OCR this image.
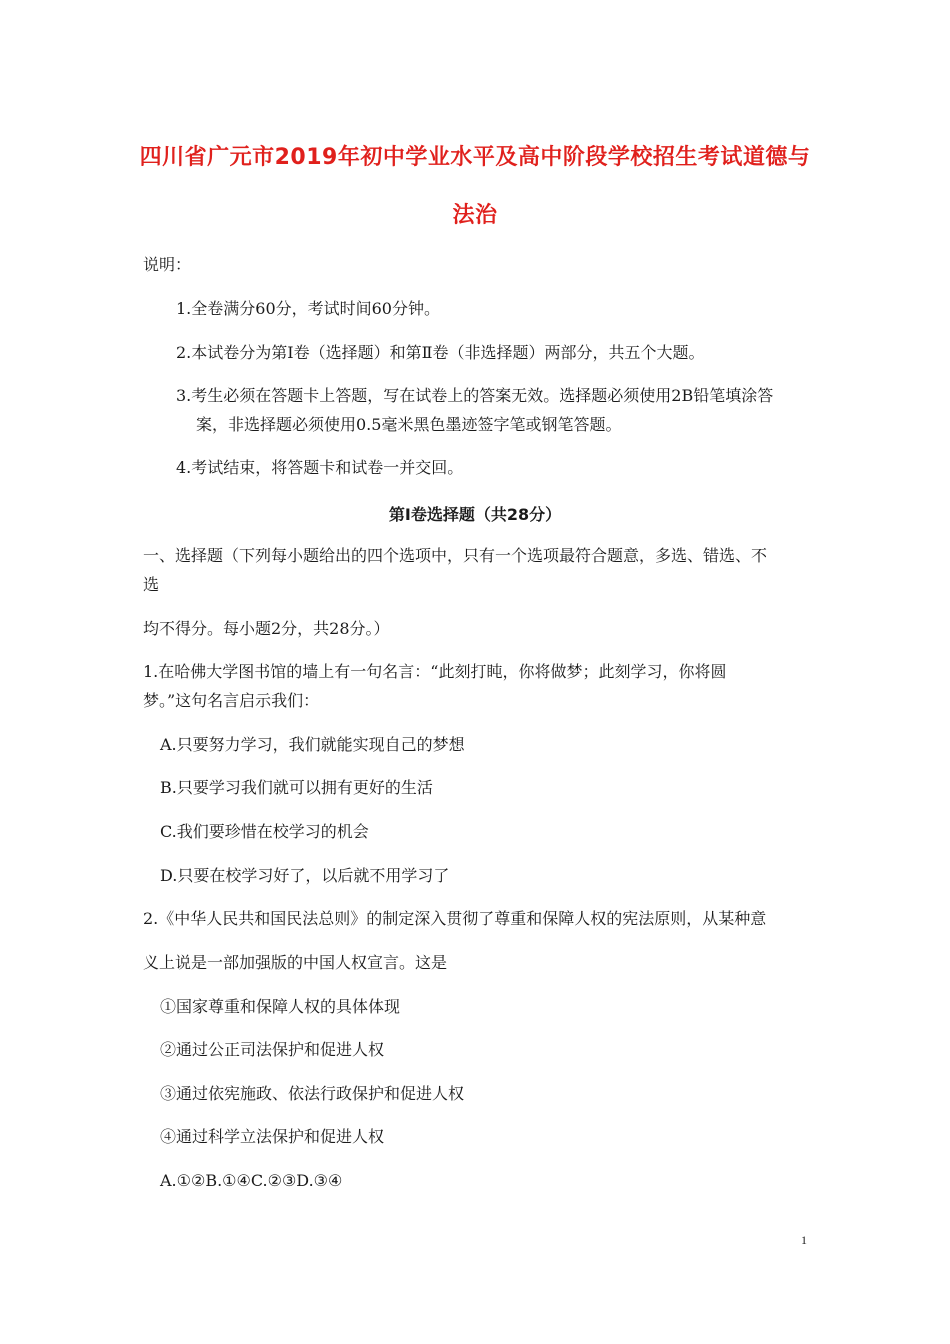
四川省广元市2019年初中学业水平及高中阶段学校招生考试道德与
法治
说明：
1.全卷满分60分，考试时间60分钟。
2.本试卷分为第Ⅰ卷（选择题）和第Ⅱ卷（非选择题）两部分，共五个大题。
3.考生必须在答题卡上答题，写在试卷上的答案无效。选择题必须使用2B铅笔填涂答
案，非选择题必须使用0.5毫米黑色墨迹签字笔或钢笔答题。
4.考试结束，将答题卡和试卷一并交回。
第Ⅰ卷选择题（共28分）
一、选择题（下列每小题给出的四个选项中，只有一个选项最符合题意，多选、错选、不
选
均不得分。每小题2分，共28分。）
1.在哈佛大学图书馆的墙上有一句名言：“此刻打盹，你将做梦；此刻学习，你将圆
梦。”这句名言启示我们：
A.只要努力学习，我们就能实现自己的梦想
B.只要学习我们就可以拥有更好的生活
C.我们要珍惜在校学习的机会
D.只要在校学习好了，以后就不用学习了
2.《中华人民共和国民法总则》的制定深入贯彻了尊重和保障人权的宪法原则，从某种意
义上说是一部加强版的中国人权宣言。这是
①国家尊重和保障人权的具体体现
②通过公正司法保护和促进人权
③通过依宪施政、依法行政保护和促进人权
④通过科学立法保护和促进人权
A.①②B.①④C.②③D.③④
1
